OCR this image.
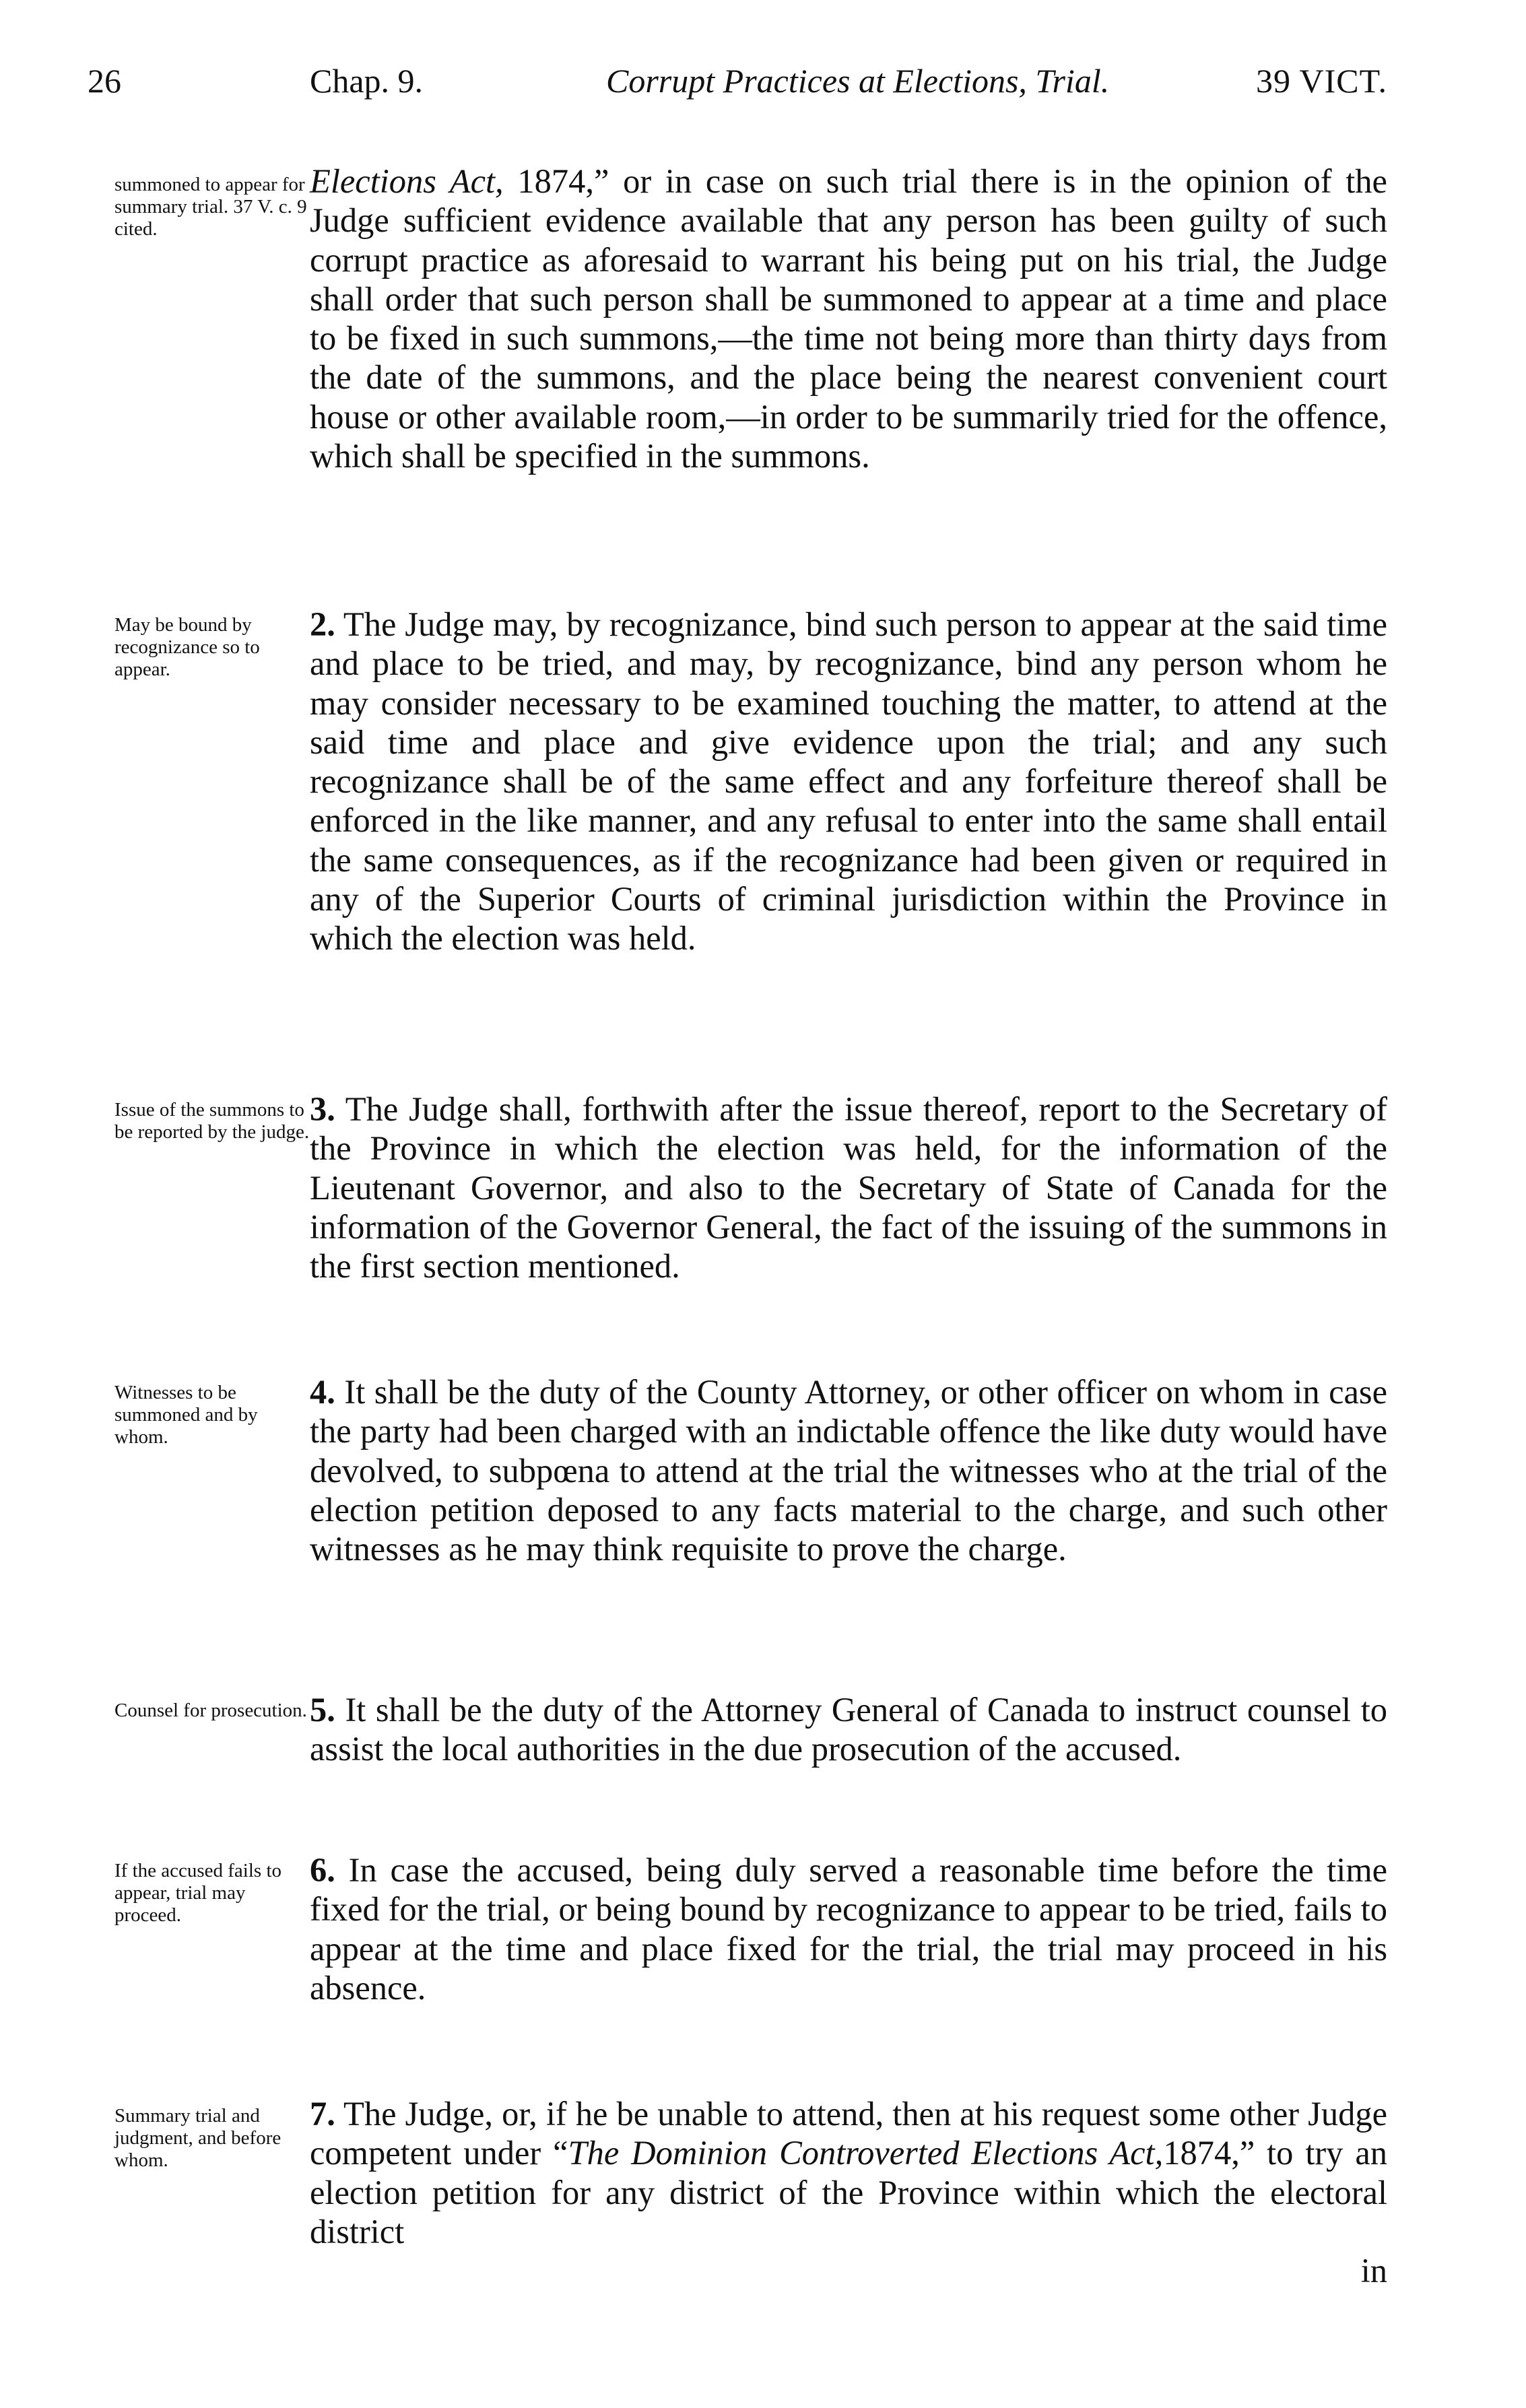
26	Chap. 9.	Corrupt Practices at Elections, Trial.	39 VICT.
summoned to appear for summary trial. 37 V. c. 9 cited.
Elections Act, 1874,” or in case on such trial there is in the opinion of the Judge sufficient evidence available that any person has been guilty of such corrupt practice as aforesaid to warrant his being put on his trial, the Judge shall order that such person shall be summoned to appear at a time and place to be fixed in such summons,—the time not being more than thirty days from the date of the summons, and the place being the nearest convenient court house or other available room,—in order to be summarily tried for the offence, which shall be specified in the summons.
May be bound by recognizance so to appear.
2. The Judge may, by recognizance, bind such person to appear at the said time and place to be tried, and may, by recognizance, bind any person whom he may consider necessary to be examined touching the matter, to attend at the said time and place and give evidence upon the trial; and any such recognizance shall be of the same effect and any forfeiture thereof shall be enforced in the like manner, and any refusal to enter into the same shall entail the same consequences, as if the recognizance had been given or required in any of the Superior Courts of criminal jurisdiction within the Province in which the election was held.
Issue of the summons to be reported by the judge.
3. The Judge shall, forthwith after the issue thereof, report to the Secretary of the Province in which the election was held, for the information of the Lieutenant Governor, and also to the Secretary of State of Canada for the information of the Governor General, the fact of the issuing of the summons in the first section mentioned.
Witnesses to be summoned and by whom.
4. It shall be the duty of the County Attorney, or other officer on whom in case the party had been charged with an indictable offence the like duty would have devolved, to subpœna to attend at the trial the witnesses who at the trial of the election petition deposed to any facts material to the charge, and such other witnesses as he may think requisite to prove the charge.
Counsel for prosecution. 5. It shall be the duty of the Attorney General of Canada to instruct counsel to assist the local authorities in the due prosecution of the accused.
If the accused fails to appear, trial may proceed.
6. In case the accused, being duly served a reasonable time before the time fixed for the trial, or being bound by recognizance to appear to be tried, fails to appear at the time and place fixed for the trial, the trial may proceed in his absence.
Summary trial and judgment, and before whom.
7. The Judge, or, if he be unable to attend, then at his request some other Judge competent under “The Dominion Controverted Elections Act,1874,” to try an election petition for any district of the Province within which the electoral district
in
